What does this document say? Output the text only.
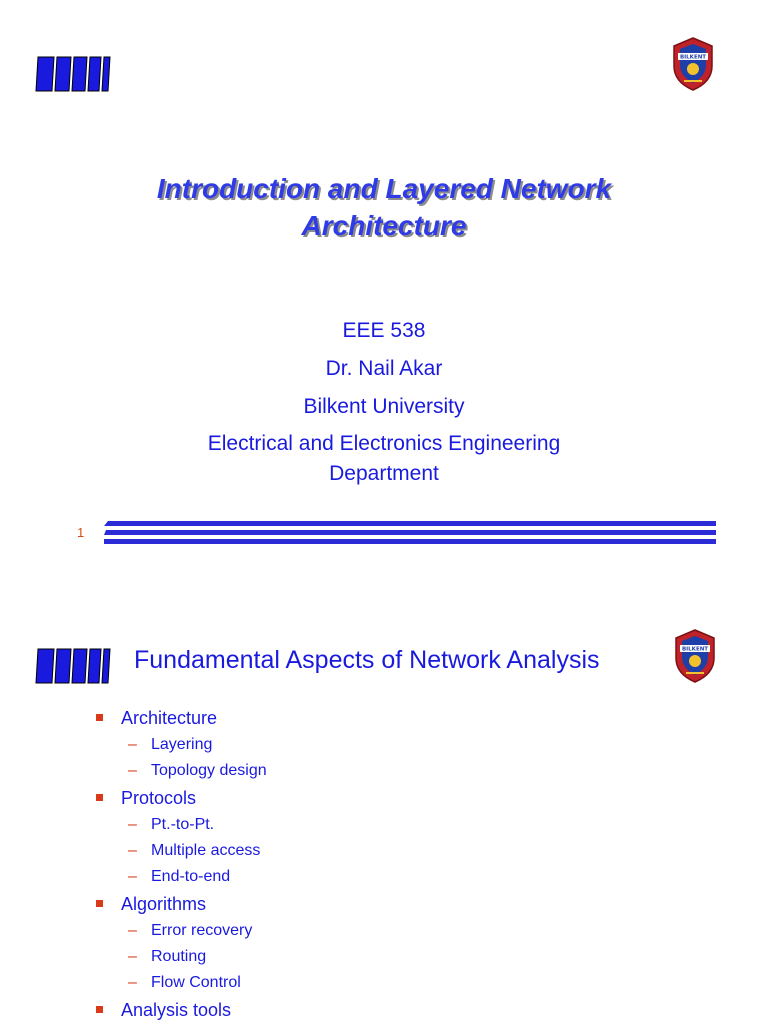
BILKENT
Introduction and Layered Network
Architecture
EEE 538
Dr. Nail Akar
Bilkent University
Electrical and Electronics Engineering
Department
1
BILKENT
Fundamental Aspects of Network Analysis
Architecture
– Layering
– Topology design
Protocols
– Pt.-to-Pt.
– Multiple access
– End-to-end
Algorithms
– Error recovery
– Routing
– Flow Control
Analysis tools
